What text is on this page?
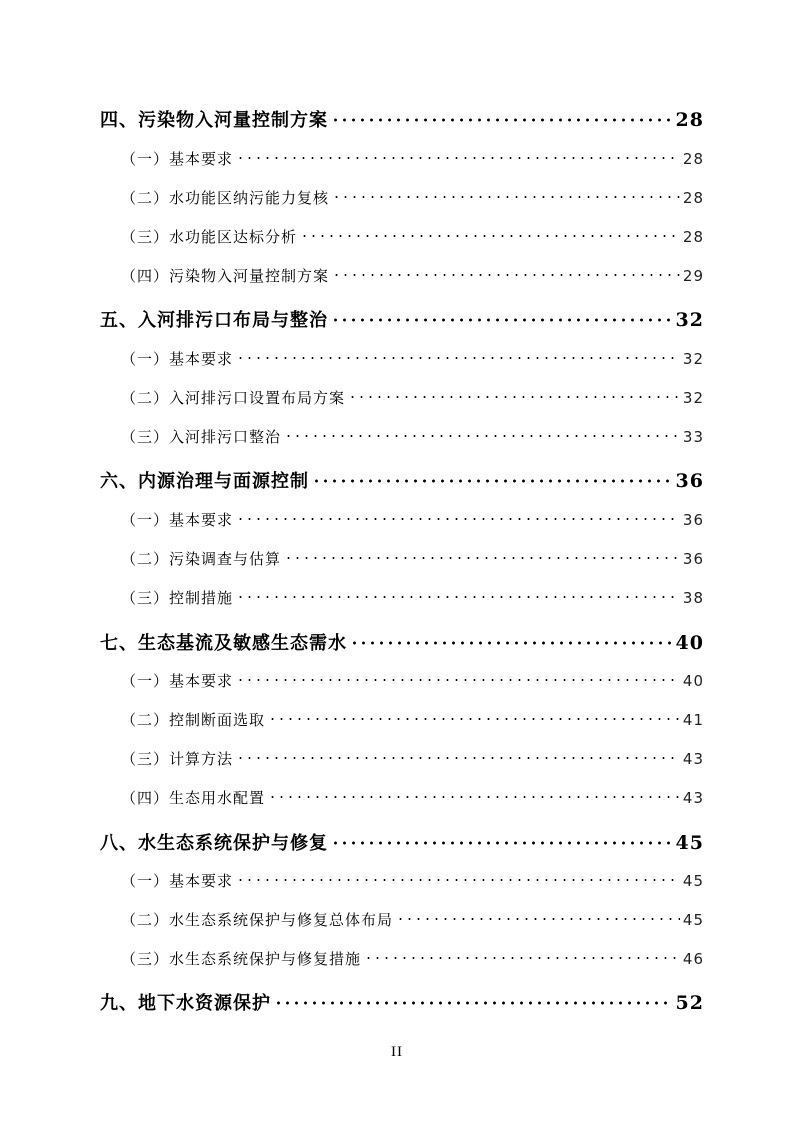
四、污染物入河量控制方案	28
（一）基本要求	28
（二）水功能区纳污能力复核	28
（三）水功能区达标分析	28
（四）污染物入河量控制方案	29
五、入河排污口布局与整治	32
（一）基本要求	32
（二）入河排污口设置布局方案	32
（三）入河排污口整治	33
六、内源治理与面源控制	36
（一）基本要求	36
（二）污染调查与估算	36
（三）控制措施	38
七、生态基流及敏感生态需水	40
（一）基本要求	40
（二）控制断面选取	41
（三）计算方法	43
（四）生态用水配置	43
八、水生态系统保护与修复	45
（一）基本要求	45
（二）水生态系统保护与修复总体布局	45
（三）水生态系统保护与修复措施	46
九、地下水资源保护	52
II
